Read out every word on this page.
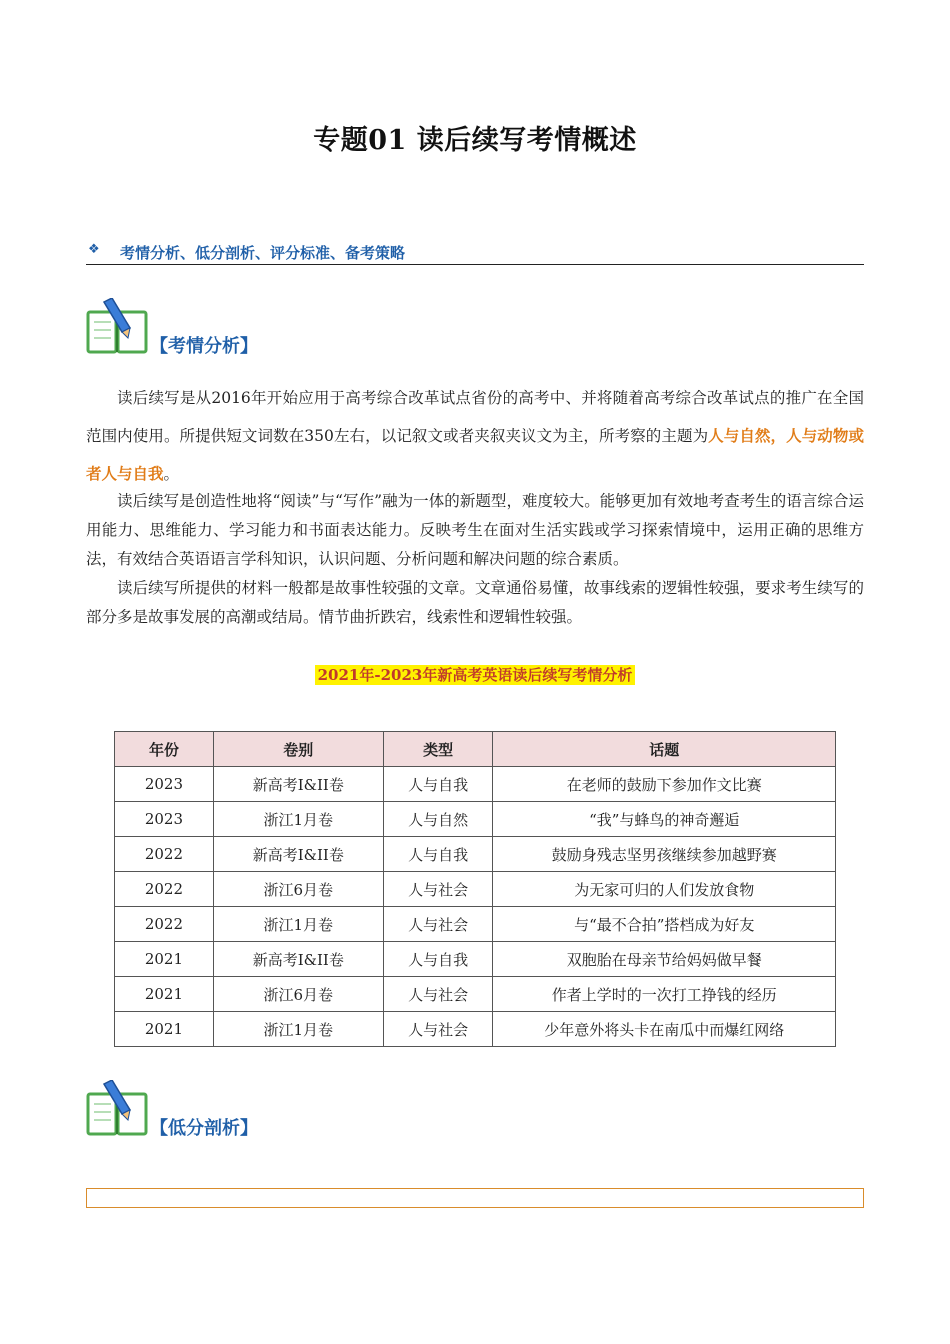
专题01 读后续写考情概述
❖ 考情分析、低分剖析、评分标准、备考策略
【考情分析】
读后续写是从2016年开始应用于高考综合改革试点省份的高考中、并将随着高考综合改革试点的推广在全国范围内使用。所提供短文词数在350左右，以记叙文或者夹叙夹议文为主，所考察的主题为人与自然，人与动物或者人与自我。
读后续写是创造性地将“阅读”与“写作”融为一体的新题型，难度较大。能够更加有效地考查考生的语言综合运用能力、思维能力、学习能力和书面表达能力。反映考生在面对生活实践或学习探索情境中，运用正确的思维方法，有效结合英语语言学科知识，认识问题、分析问题和解决问题的综合素质。
读后续写所提供的材料一般都是故事性较强的文章。文章通俗易懂，故事线索的逻辑性较强，要求考生续写的部分多是故事发展的高潮或结局。情节曲折跌宕，线索性和逻辑性较强。
2021年-2023年新高考英语读后续写考情分析
年份	卷别	类型	话题
2023	新高考I&II卷	人与自我	在老师的鼓励下参加作文比赛
2023	浙江1月卷	人与自然	“我”与蜂鸟的神奇邂逅
2022	新高考I&II卷	人与自我	鼓励身残志坚男孩继续参加越野赛
2022	浙江6月卷	人与社会	为无家可归的人们发放食物
2022	浙江1月卷	人与社会	与“最不合拍”搭档成为好友
2021	新高考I&II卷	人与自我	双胞胎在母亲节给妈妈做早餐
2021	浙江6月卷	人与社会	作者上学时的一次打工挣钱的经历
2021	浙江1月卷	人与社会	少年意外将头卡在南瓜中而爆红网络
【低分剖析】
